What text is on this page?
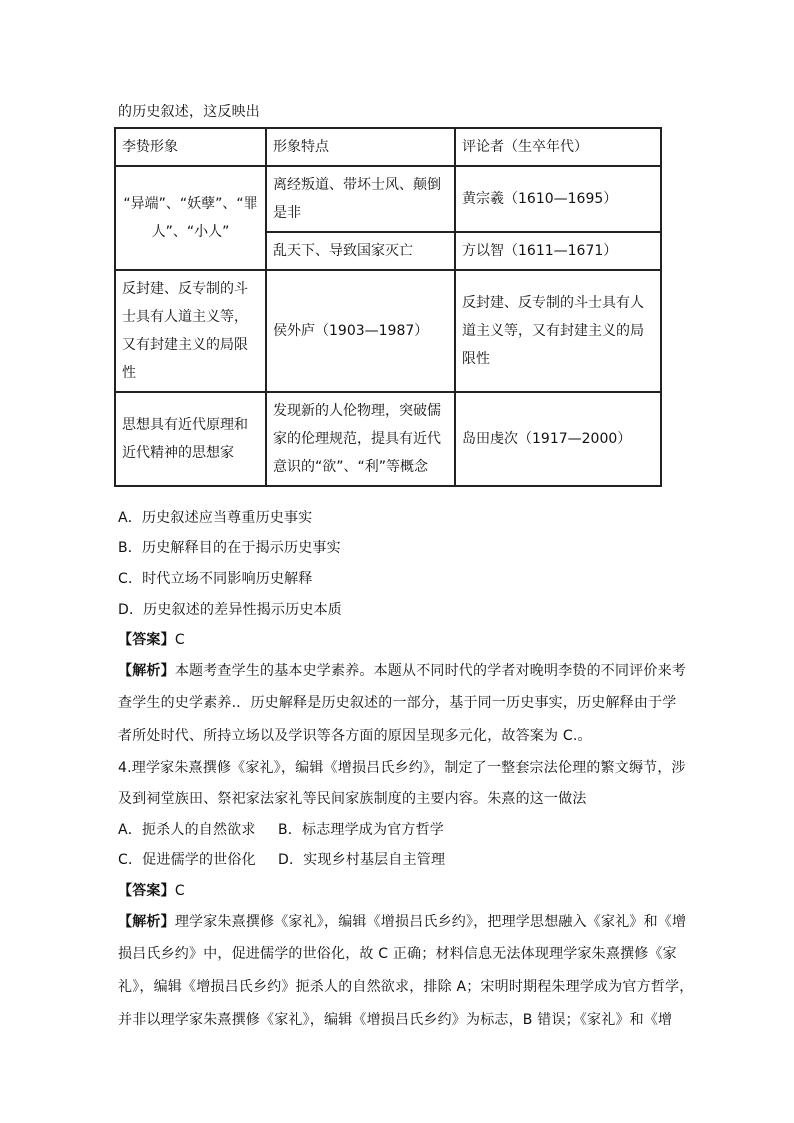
的历史叙述，这反映出
李贽形象	形象特点	评论者（生卒年代）
“异端”、“妖孽”、“罪人”、“小人”	离经叛道、带坏士风、颠倒是非	黄宗羲（1610—1695）
	乱天下、导致国家灭亡	方以智（1611—1671）
反封建、反专制的斗士具有人道主义等，又有封建主义的局限性	侯外庐（1903—1987）	反封建、反专制的斗士具有人道主义等，又有封建主义的局限性
思想具有近代原理和近代精神的思想家	发现新的人伦物理，突破儒家的伦理规范，提具有近代意识的“欲”、“利”等概念	岛田虔次（1917—2000）
A．历史叙述应当尊重历史事实
B．历史解释目的在于揭示历史事实
C．时代立场不同影响历史解释
D．历史叙述的差异性揭示历史本质
【答案】C
【解析】本题考查学生的基本史学素养。本题从不同时代的学者对晚明李贽的不同评价来考
查学生的史学素养.．历史解释是历史叙述的一部分，基于同一历史事实，历史解释由于学
者所处时代、所持立场以及学识等各方面的原因呈现多元化，故答案为 C.。
4.理学家朱熹撰修《家礼》，编辑《增损吕氏乡约》，制定了一整套宗法伦理的繁文缛节，涉
及到祠堂族田、祭祀家法家礼等民间家族制度的主要内容。朱熹的这一做法
A．扼杀人的自然欲求 B．标志理学成为官方哲学
C．促进儒学的世俗化 D．实现乡村基层自主管理
【答案】C
【解析】理学家朱熹撰修《家礼》，编辑《增损吕氏乡约》，把理学思想融入《家礼》和《增
损吕氏乡约》中，促进儒学的世俗化，故 C 正确；材料信息无法体现理学家朱熹撰修《家
礼》，编辑《增损吕氏乡约》扼杀人的自然欲求，排除 A；宋明时期程朱理学成为官方哲学，
并非以理学家朱熹撰修《家礼》，编辑《增损吕氏乡约》为标志，B 错误；《家礼》和《增
